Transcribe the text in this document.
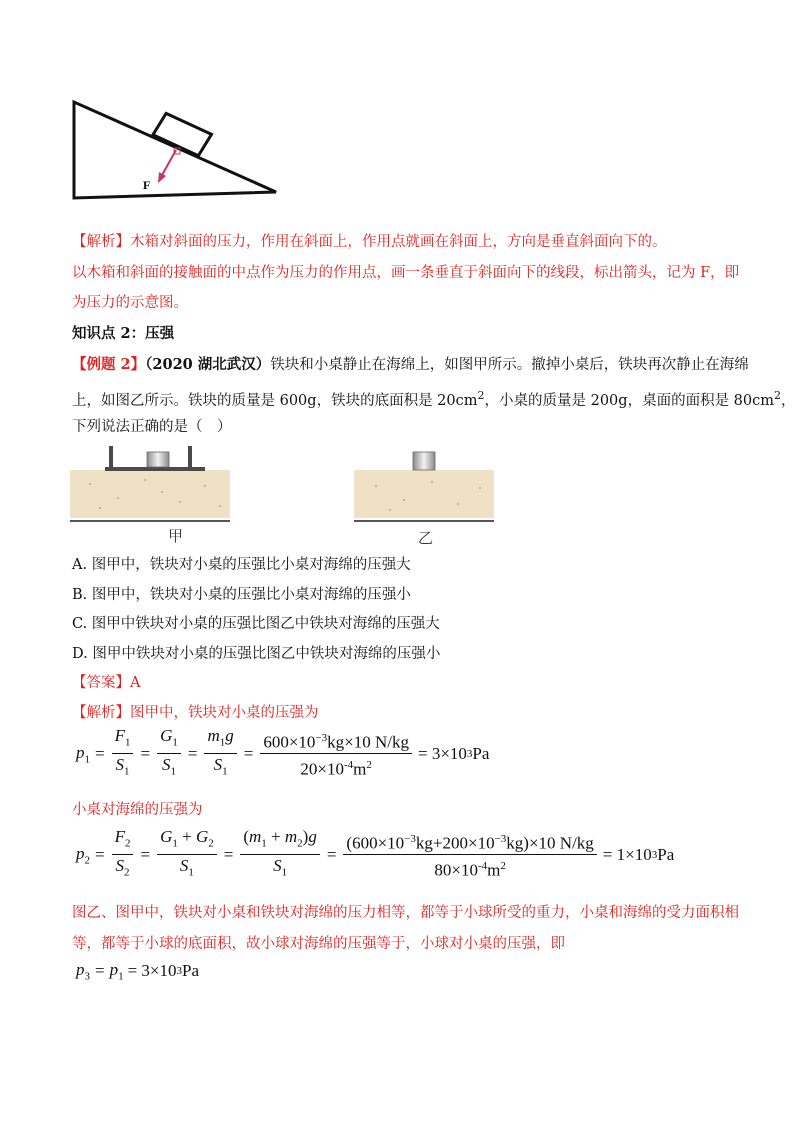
F
【解析】木箱对斜面的压力，作用在斜面上，作用点就画在斜面上，方向是垂直斜面向下的。
以木箱和斜面的接触面的中点作为压力的作用点，画一条垂直于斜面向下的线段，标出箭头，记为 F，即
为压力的示意图。
知识点 2：压强
【例题 2】（2020 湖北武汉）铁块和小桌静止在海绵上，如图甲所示。撤掉小桌后，铁块再次静止在海绵
上，如图乙所示。铁块的质量是 600g，铁块的底面积是 $20cm^2$，小桌的质量是 200g，桌面的面积是 $80cm^2$，
下列说法正确的是（　）
甲	乙
A. 图甲中，铁块对小桌的压强比小桌对海绵的压强大
B. 图甲中，铁块对小桌的压强比小桌对海绵的压强小
C. 图甲中铁块对小桌的压强比图乙中铁块对海绵的压强大
D. 图甲中铁块对小桌的压强比图乙中铁块对海绵的压强小
【答案】A
【解析】图甲中，铁块对小桌的压强为
$p_1 = \frac{F_1}{S_1} = \frac{G_1}{S_1} = \frac{m_1g}{S_1} = \frac{600\times 10^{-3}kg\times 10 N/kg}{20\times 10^{-4}m^2} = 3\times 10$ 3 Pa
小桌对海绵的压强为
$p_2 = \frac{F_2}{S_2} = \frac{G_1 + G_2}{S_1} = \frac{(m_1 + m_2)g}{S_1} = \frac{(600\times 10^{-3}kg+200\times 10^{-3}kg)\times 10 N/kg}{80\times 10^{-4}m^2} = 1\times 10$ 3 Pa
图乙、图甲中，铁块对小桌和铁块对海绵的压力相等，都等于小球所受的重力，小桌和海绵的受力面积相
等，都等于小球的底面积，故小球对海绵的压强等于，小球对小桌的压强，即
$p_3 = p_1 = 3\times 10$ 3 Pa
